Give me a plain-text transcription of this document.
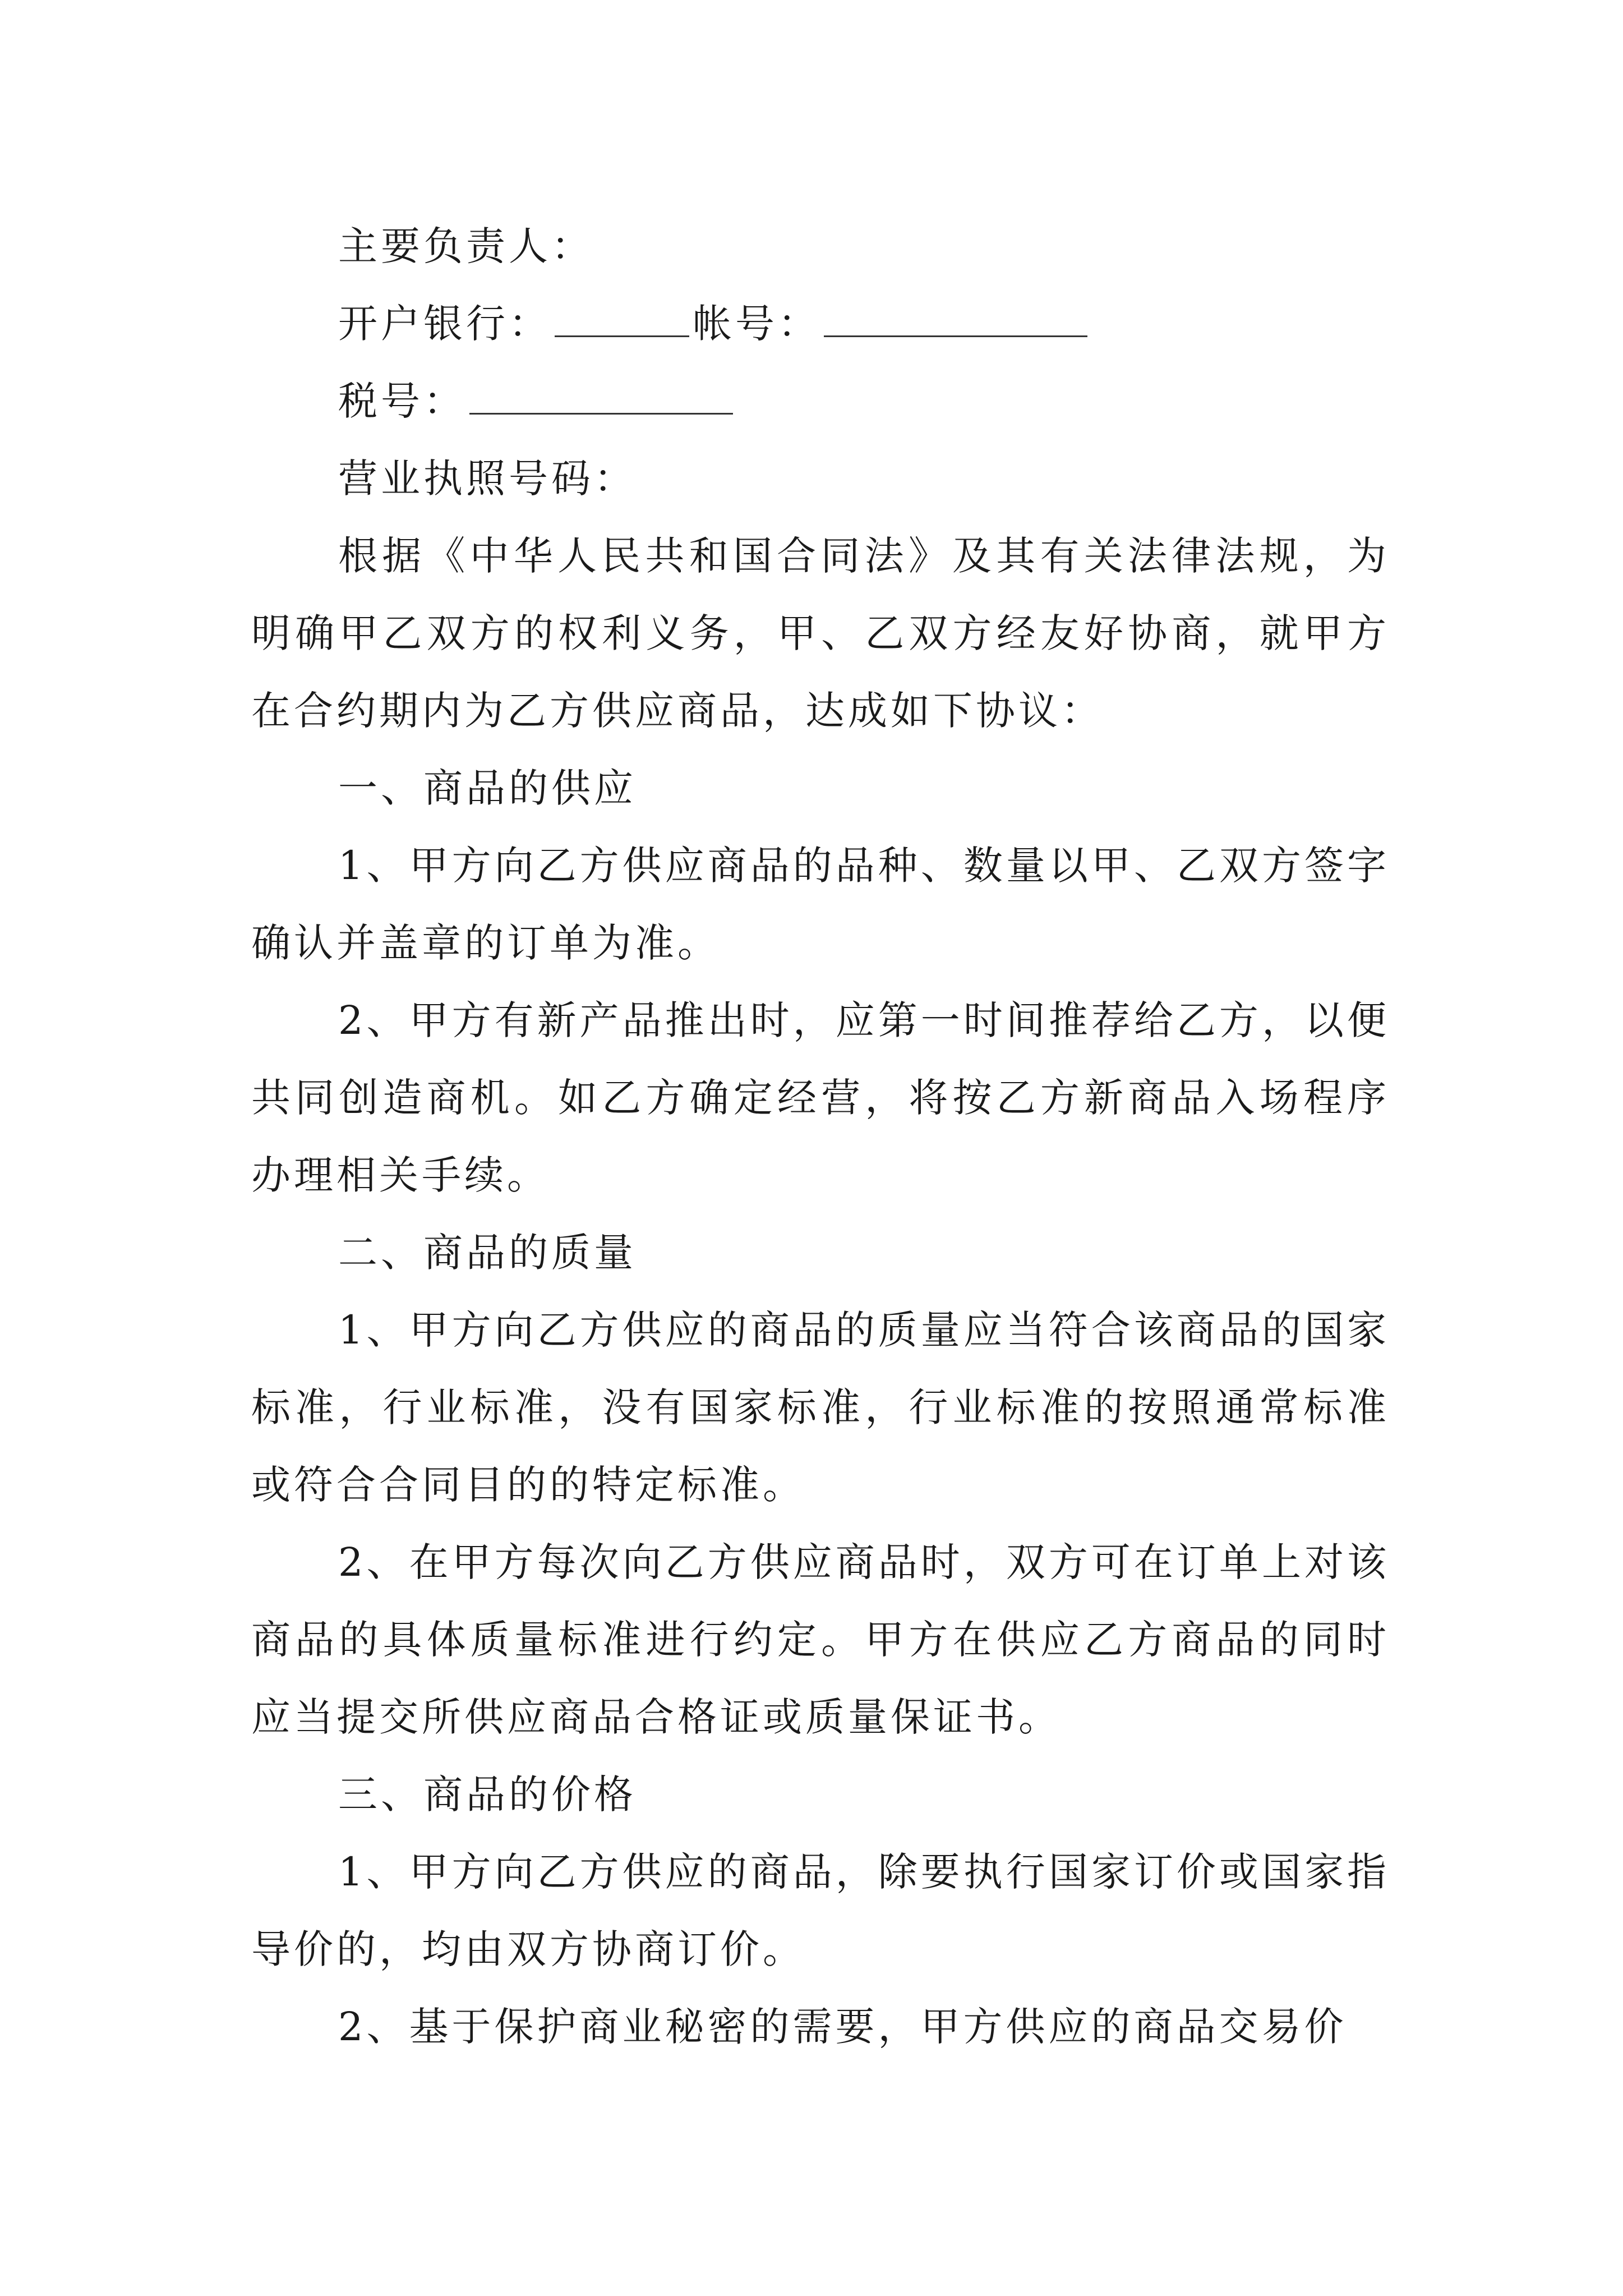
主要负责人：
开户银行：	帐号：
税号：
营业执照号码：
根据《中华人民共和国合同法》及其有关法律法规，为明确甲乙双方的权利义务，甲、乙双方经友好协商，就甲方在合约期内为乙方供应商品，达成如下协议：
一、商品的供应
1、甲方向乙方供应商品的品种、数量以甲、乙双方签字确认并盖章的订单为准。
2、甲方有新产品推出时，应第一时间推荐给乙方，以便共同创造商机。如乙方确定经营，将按乙方新商品入场程序办理相关手续。
二、商品的质量
1、甲方向乙方供应的商品的质量应当符合该商品的国家标准，行业标准，没有国家标准，行业标准的按照通常标准或符合合同目的的特定标准。
2、在甲方每次向乙方供应商品时，双方可在订单上对该商品的具体质量标准进行约定。甲方在供应乙方商品的同时应当提交所供应商品合格证或质量保证书。
三、商品的价格
1、甲方向乙方供应的商品，除要执行国家订价或国家指导价的，均由双方协商订价。
2、基于保护商业秘密的需要，甲方供应的商品交易价
